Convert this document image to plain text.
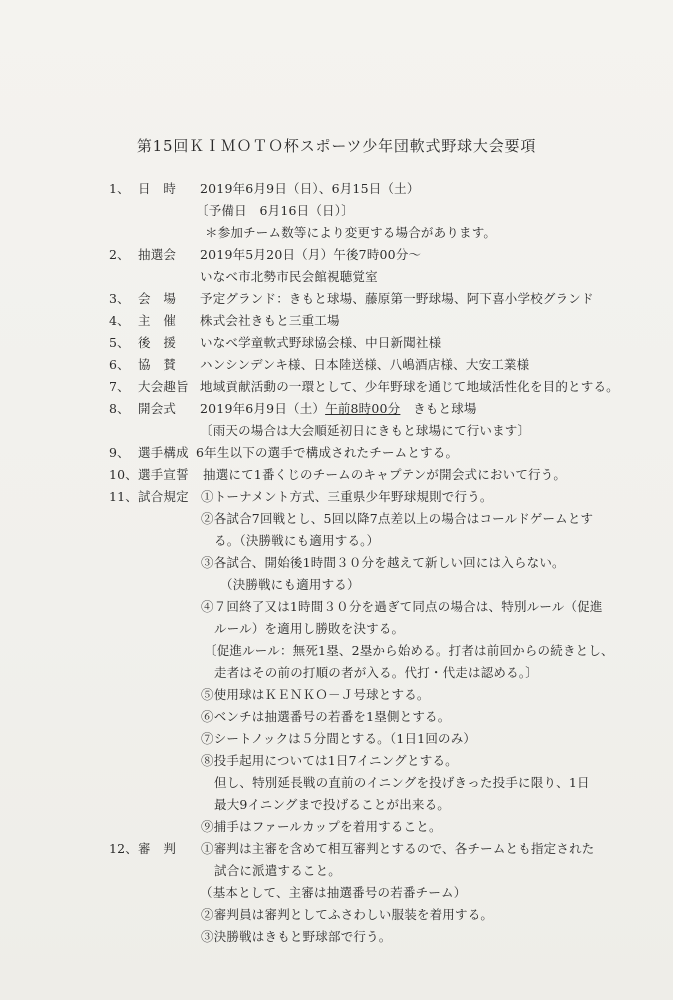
第15回ＫＩＭＯＴＯ杯スポーツ少年団軟式野球大会要項
1、 日　時 2019年6月9日（日）、6月15日（土）
〔予備日　6月16日（日）〕
＊参加チーム数等により変更する場合があります。
2、 抽選会 2019年5月20日（月）午後7時00分～
いなべ市北勢市民会館視聴覚室
3、 会　場 予定グランド：きもと球場、藤原第一野球場、阿下喜小学校グランド
4、 主　催 株式会社きもと三重工場
5、 後　援 いなべ学童軟式野球協会様、中日新聞社様
6、 協　賛 ハンシンデンキ様、日本陸送様、八嶋酒店様、大安工業様
7、 大会趣旨 地域貢献活動の一環として、少年野球を通じて地域活性化を目的とする。
8、 開会式 2019年6月9日（土）午前8時00分　きもと球場
〔雨天の場合は大会順延初日にきもと球場にて行います〕
9、 選手構成 6年生以下の選手で構成されたチームとする。
10、 選手宣誓 抽選にて1番くじのチームのキャプテンが開会式において行う。
11、 試合規定 ①トーナメント方式、三重県少年野球規則で行う。
②各試合7回戦とし、5回以降7点差以上の場合はコールドゲームとす
る。（決勝戦にも適用する。）
③各試合、開始後1時間３０分を越えて新しい回には入らない。
（決勝戦にも適用する）
④７回終了又は1時間３０分を過ぎて同点の場合は、特別ルール（促進
ルール）を適用し勝敗を決する。
〔促進ルール：無死1塁、2塁から始める。打者は前回からの続きとし、
走者はその前の打順の者が入る。代打・代走は認める。〕
⑤使用球はＫＥＮＫＯ－Ｊ号球とする。
⑥ベンチは抽選番号の若番を1塁側とする。
⑦シートノックは５分間とする。（1日1回のみ）
⑧投手起用については1日7イニングとする。
但し、特別延長戦の直前のイニングを投げきった投手に限り、1日
最大9イニングまで投げることが出来る。
⑨捕手はファールカップを着用すること。
12、 審　判 ①審判は主審を含めて相互審判とするので、各チームとも指定された
試合に派遣すること。
（基本として、主審は抽選番号の若番チーム）
②審判員は審判としてふさわしい服装を着用する。
③決勝戦はきもと野球部で行う。
